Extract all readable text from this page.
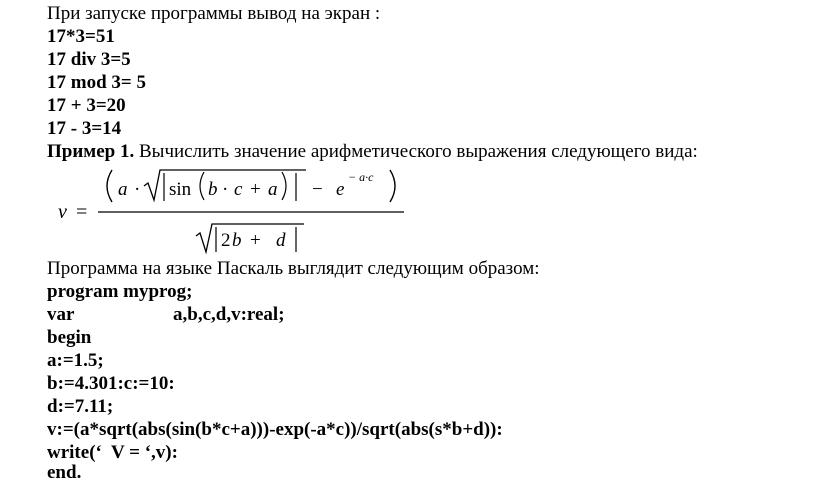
При запуске программы вывод на экран :
17*3=51
17 div 3=5
17 mod 3= 5
17 + 3=20
17 - 3=14
Пример 1. Вычислить значение арифметического выражения следующего вида:
v =
a · sin b · c + a − e
− a·c
2 b + d
Программа на языке Паскаль выглядит следующим образом:
program myprog;
var	a,b,c,d,v:real;
begin
a:=1.5;
b:=4.301:c:=10:
d:=7.11;
v:=(a*sqrt(abs(sin(b*c+a)))-exp(-a*c))/sqrt(abs(s*b+d)):
write(‘  V = ‘,v):
end.
